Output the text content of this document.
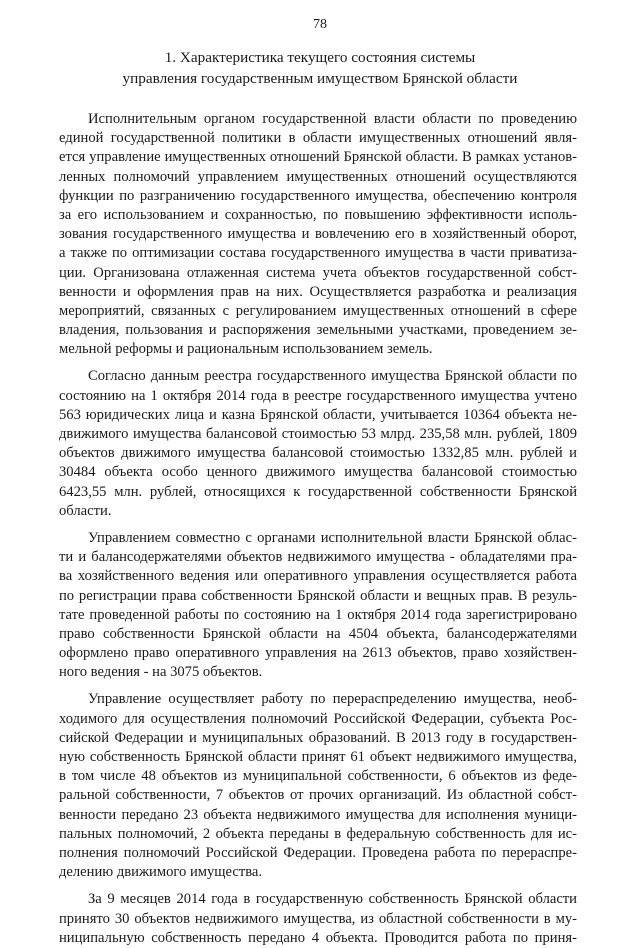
78
1. Характеристика текущего состояния системы
управления государственным имуществом Брянской области
Исполнительным органом государственной власти области по проведению
единой государственной политики в области имущественных отношений явля-
ется управление имущественных отношений Брянской области. В рамках установ-
ленных полномочий управлением имущественных отношений осуществляются
функции по разграничению государственного имущества, обеспечению контроля
за его использованием и сохранностью, по повышению эффективности исполь-
зования государственного имущества и вовлечению его в хозяйственный оборот,
а также по оптимизации состава государственного имущества в части приватиза-
ции. Организована отлаженная система учета объектов государственной собст-
венности и оформления прав на них. Осуществляется разработка и реализация
мероприятий, связанных с регулированием имущественных отношений в сфере
владения, пользования и распоряжения земельными участками, проведением зе-
мельной реформы и рациональным использованием земель.
Согласно данным реестра государственного имущества Брянской области по
состоянию на 1 октября 2014 года в реестре государственного имущества учтено
563 юридических лица и казна Брянской области, учитывается 10364 объекта не-
движимого имущества балансовой стоимостью 53 млрд. 235,58 млн. рублей, 1809
объектов движимого имущества балансовой стоимостью 1332,85 млн. рублей и
30484 объекта особо ценного движимого имущества балансовой стоимостью
6423,55 млн. рублей, относящихся к государственной собственности Брянской
области.
Управлением совместно с органами исполнительной власти Брянской облас-
ти и балансодержателями объектов недвижимого имущества - обладателями пра-
ва хозяйственного ведения или оперативного управления осуществляется работа
по регистрации права собственности Брянской области и вещных прав. В резуль-
тате проведенной работы по состоянию на 1 октября 2014 года зарегистрировано
право собственности Брянской области на 4504 объекта, балансодержателями
оформлено право оперативного управления на 2613 объектов, право хозяйствен-
ного ведения - на 3075 объектов.
Управление осуществляет работу по перераспределению имущества, необ-
ходимого для осуществления полномочий Российской Федерации, субъекта Рос-
сийской Федерации и муниципальных образований. В 2013 году в государствен-
ную собственность Брянской области принят 61 объект недвижимого имущества,
в том числе 48 объектов из муниципальной собственности, 6 объектов из феде-
ральной собственности, 7 объектов от прочих организаций. Из областной собст-
венности передано 23 объекта недвижимого имущества для исполнения муници-
пальных полномочий, 2 объекта переданы в федеральную собственность для ис-
полнения полномочий Российской Федерации. Проведена работа по перераспре-
делению движимого имущества.
За 9 месяцев 2014 года в государственную собственность Брянской области
принято 30 объектов недвижимого имущества, из областной собственности в му-
ниципальную собственность передано 4 объекта. Проводится работа по приня-
